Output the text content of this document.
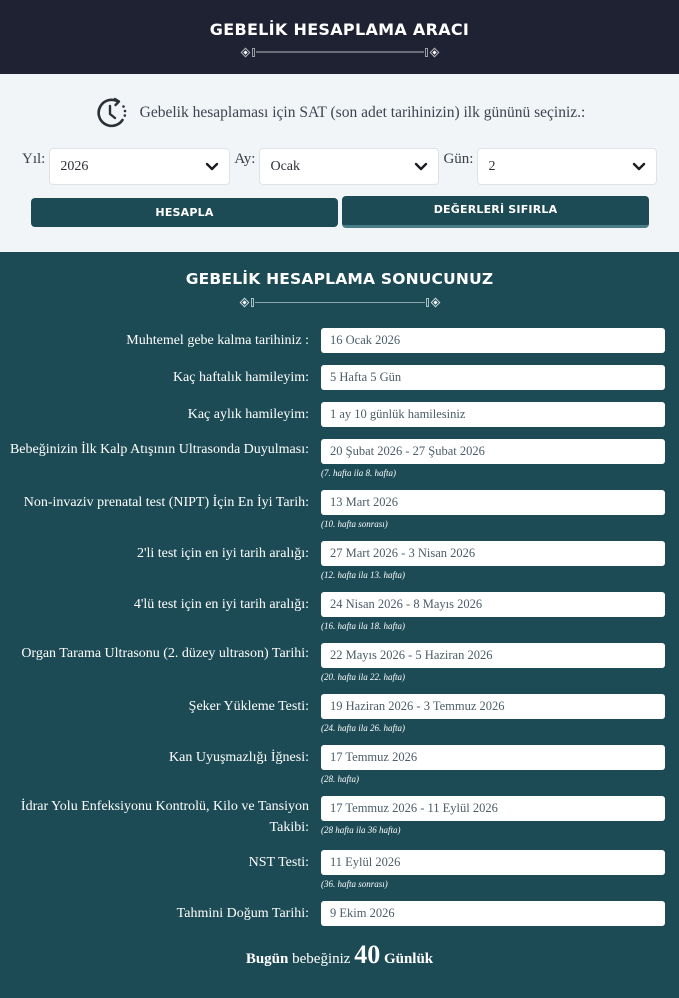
GEBELİK HESAPLAMA ARACI
Gebelik hesaplaması için SAT (son adet tarihinizin) ilk gününü seçiniz.:
Yıl: 2026	Ay: Ocak	Gün: 2
HESAPLA	DEĞERLERİ SIFIRLA
GEBELİK HESAPLAMA SONUCUNUZ
Muhtemel gebe kalma tarihiniz :	16 Ocak 2026
Kaç haftalık hamileyim:	5 Hafta 5 Gün
Kaç aylık hamileyim:	1 ay 10 günlük hamilesiniz
Bebeğinizin İlk Kalp Atışının Ultrasonda Duyulması:	20 Şubat 2026 - 27 Şubat 2026
(7. hafta ila 8. hafta)
Non-invaziv prenatal test (NIPT) İçin En İyi Tarih:	13 Mart 2026
(10. hafta sonrası)
2'li test için en iyi tarih aralığı:	27 Mart 2026 - 3 Nisan 2026
(12. hafta ila 13. hafta)
4'lü test için en iyi tarih aralığı:	24 Nisan 2026 - 8 Mayıs 2026
(16. hafta ila 18. hafta)
Organ Tarama Ultrasonu (2. düzey ultrason) Tarihi:	22 Mayıs 2026 - 5 Haziran 2026
(20. hafta ila 22. hafta)
Şeker Yükleme Testi:	19 Haziran 2026 - 3 Temmuz 2026
(24. hafta ila 26. hafta)
Kan Uyuşmazlığı İğnesi:	17 Temmuz 2026
(28. hafta)
İdrar Yolu Enfeksiyonu Kontrolü, Kilo ve Tansiyon Takibi:
17 Temmuz 2026 - 11 Eylül 2026
(28 hafta ila 36 hafta)
NST Testi:	11 Eylül 2026
(36. hafta sonrası)
Tahmini Doğum Tarihi:	9 Ekim 2026
Bugün bebeğiniz 40 Günlük
